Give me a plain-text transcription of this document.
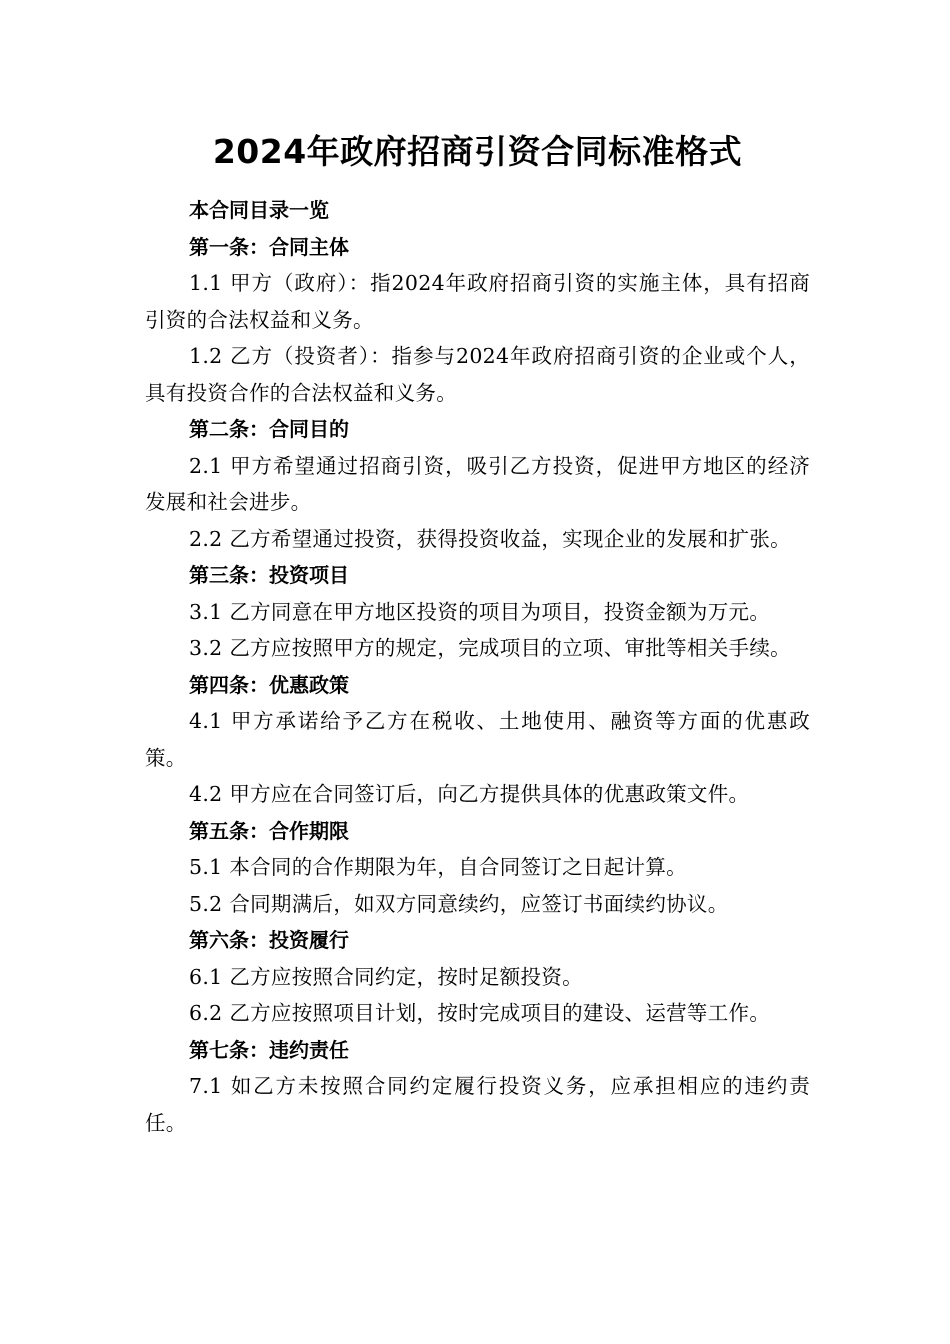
2024年政府招商引资合同标准格式
本合同目录一览
第一条：合同主体

1.1 甲方（政府）：指2024年政府招商引资的实施主体，具有招商引资的合法权益和义务。

1.2 乙方（投资者）：指参与2024年政府招商引资的企业或个人，具有投资合作的合法权益和义务。

第二条：合同目的

2.1 甲方希望通过招商引资，吸引乙方投资，促进甲方地区的经济发展和社会进步。

2.2 乙方希望通过投资，获得投资收益，实现企业的发展和扩张。

第三条：投资项目

3.1 乙方同意在甲方地区投资的项目为项目，投资金额为万元。

3.2 乙方应按照甲方的规定，完成项目的立项、审批等相关手续。

第四条：优惠政策

4.1 甲方承诺给予乙方在税收、土地使用、融资等方面的优惠政策。

4.2 甲方应在合同签订后，向乙方提供具体的优惠政策文件。

第五条：合作期限

5.1 本合同的合作期限为年，自合同签订之日起计算。

5.2 合同期满后，如双方同意续约，应签订书面续约协议。

第六条：投资履行

6.1 乙方应按照合同约定，按时足额投资。

6.2 乙方应按照项目计划，按时完成项目的建设、运营等工作。

第七条：违约责任

7.1 如乙方未按照合同约定履行投资义务，应承担相应的违约责任。
